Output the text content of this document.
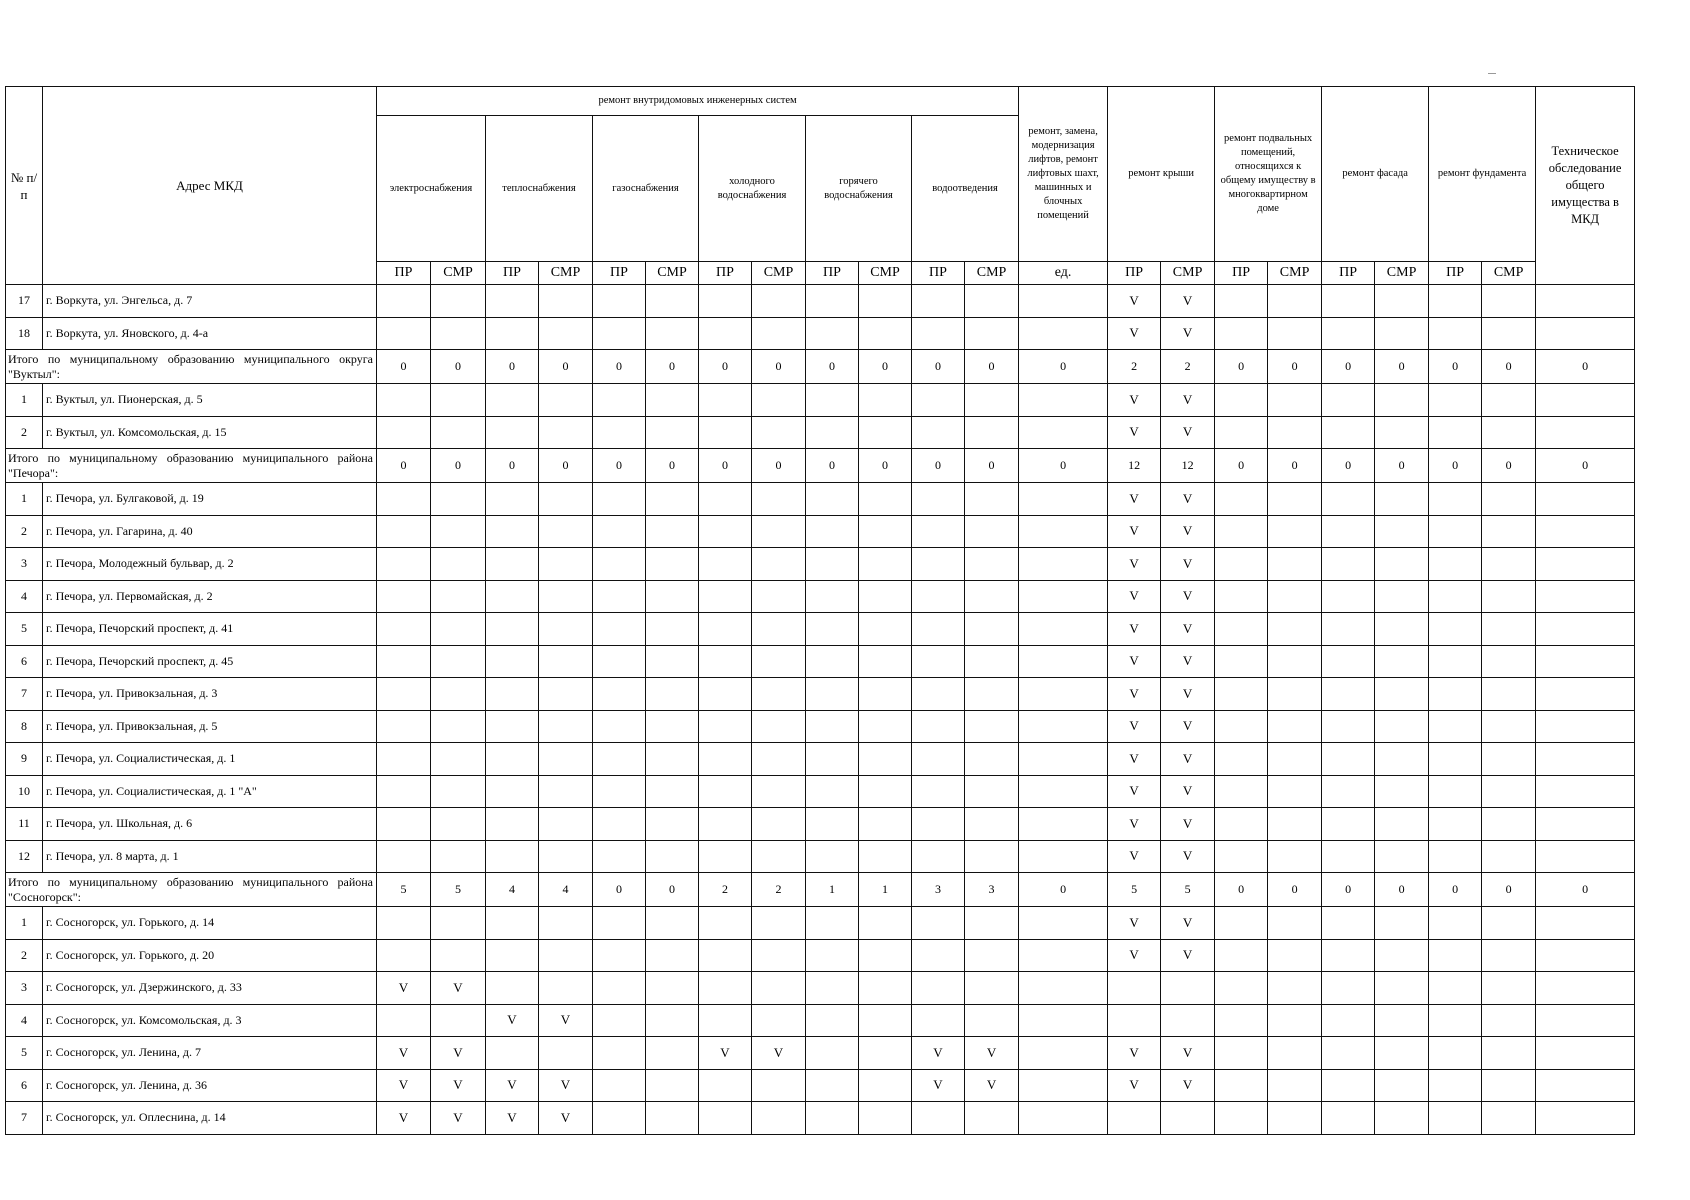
№ п/п	Адрес МКД	ремонт внутридомовых инженерных систем												ремонт, замена, модернизация лифтов, ремонт лифтовых шахт, машинных и блочных помещений	ремонт крыши		ремонт подвальных помещений, относящихся к общему имуществу в многоквартирном доме		ремонт фасада		ремонт фундамента		Техническое обследование общего имущества в МКД
		электроснабжения		теплоснабжения		газоснабжения		холодного водоснабжения		горячего водоснабжения		водоотведения											
		ПР	СМР	ПР	СМР	ПР	СМР	ПР	СМР	ПР	СМР	ПР	СМР	ед.	ПР	СМР	ПР	СМР	ПР	СМР	ПР	СМР	
17	г. Воркута, ул. Энгельса, д. 7														V	V							
18	г. Воркута, ул. Яновского, д. 4-а														V	V							
Итого по муниципальному образованию муниципального округа "Вуктыл":		0	0	0	0	0	0	0	0	0	0	0	0	0	2	2	0	0	0	0	0	0	0
1	г. Вуктыл, ул. Пионерская, д. 5														V	V							
2	г. Вуктыл, ул. Комсомольская, д. 15														V	V							
Итого по муниципальному образованию муниципального района "Печора":		0	0	0	0	0	0	0	0	0	0	0	0	0	12	12	0	0	0	0	0	0	0
1	г. Печора, ул. Булгаковой, д. 19														V	V							
2	г. Печора, ул. Гагарина, д. 40														V	V							
3	г. Печора, Молодежный бульвар, д. 2														V	V							
4	г. Печора, ул. Первомайская, д. 2														V	V							
5	г. Печора, Печорский проспект, д. 41														V	V							
6	г. Печора, Печорский проспект, д. 45														V	V							
7	г. Печора, ул. Привокзальная, д. 3														V	V							
8	г. Печора, ул. Привокзальная, д. 5														V	V							
9	г. Печора, ул. Социалистическая, д. 1														V	V							
10	г. Печора, ул. Социалистическая, д. 1 "А"														V	V							
11	г. Печора, ул. Школьная, д. 6														V	V							
12	г. Печора, ул. 8 марта, д. 1														V	V							
Итого по муниципальному образованию муниципального района "Сосногорск":		5	5	4	4	0	0	2	2	1	1	3	3	0	5	5	0	0	0	0	0	0	0
1	г. Сосногорск, ул. Горького, д. 14														V	V							
2	г. Сосногорск, ул. Горького, д. 20														V	V							
3	г. Сосногорск, ул. Дзержинского, д. 33	V	V																				
4	г. Сосногорск, ул. Комсомольская, д. 3			V	V																		
5	г. Сосногорск, ул. Ленина, д. 7	V	V					V	V			V	V		V	V							
6	г. Сосногорск, ул. Ленина, д. 36	V	V	V	V							V	V		V	V							
7	г. Сосногорск, ул. Оплеснина, д. 14	V	V	V	V																		
